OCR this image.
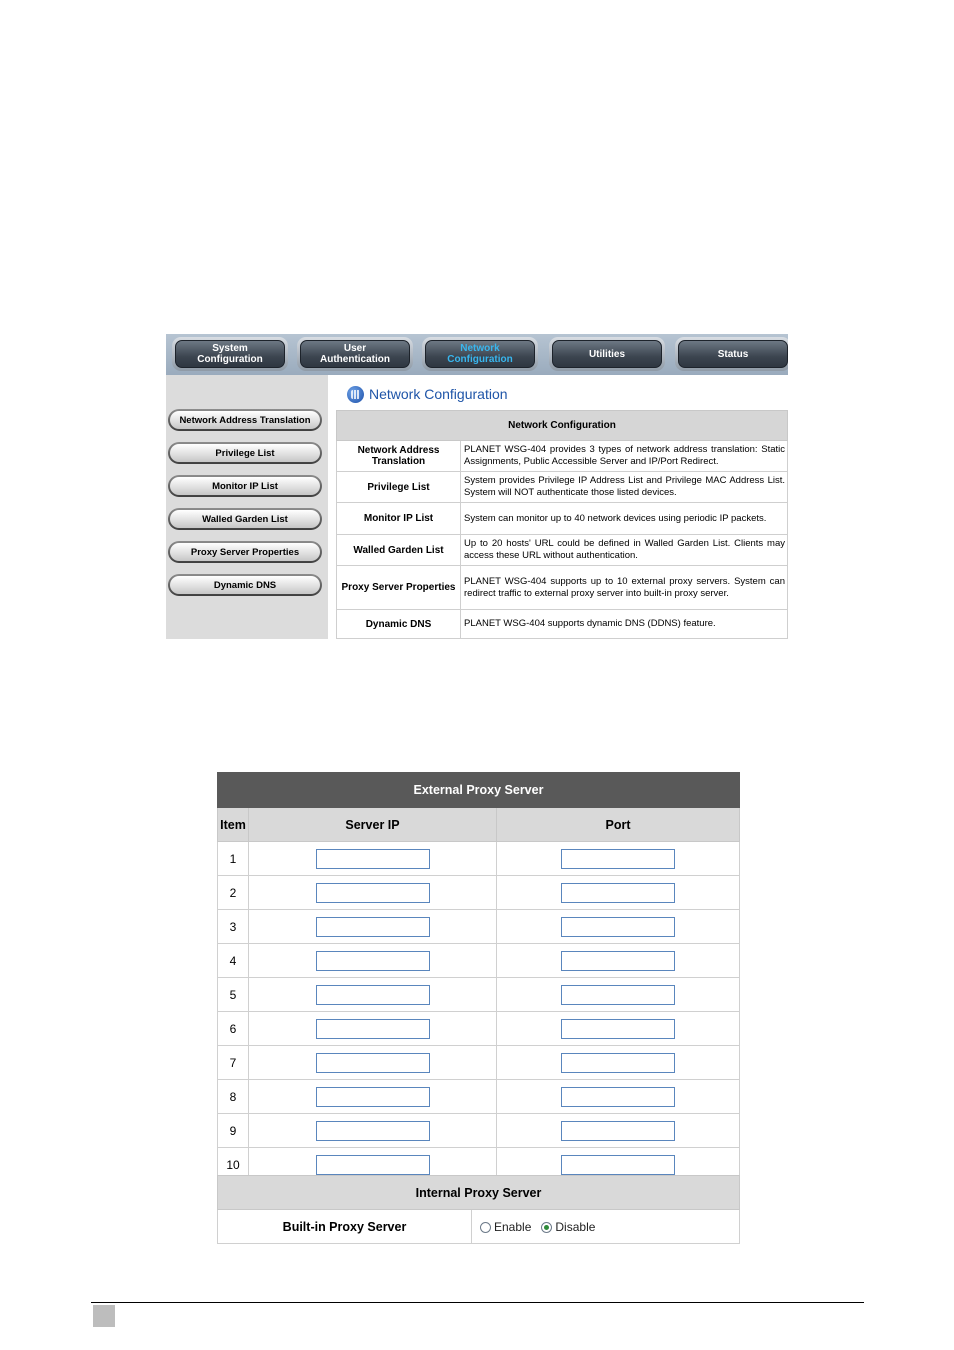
System
Configuration
User
Authentication
Network
Configuration	Utilities	Status
Network Address Translation
Privilege List
Monitor IP List
Walled Garden List
Proxy Server Properties
Dynamic DNS
Network Configuration
Network Configuration	
Network Address Translation	PLANET WSG-404 provides 3 types of network address translation: Static Assignments, Public Accessible Server and IP/Port Redirect.
Privilege List	System provides Privilege IP Address List and Privilege MAC Address List. System will NOT authenticate those listed devices.
Monitor IP List	System can monitor up to 40 network devices using periodic IP packets.
Walled Garden List	Up to 20 hosts' URL could be defined in Walled Garden List. Clients may access these URL without authentication.
Proxy Server Properties	PLANET WSG-404 supports up to 10 external proxy servers. System can redirect traffic to external proxy server into built-in proxy server.
Dynamic DNS	PLANET WSG-404 supports dynamic DNS (DDNS) feature.
External Proxy Server		
Item	Server IP	Port
1		
2		
3		
4		
5		
6		
7		
8		
9		
10		
Internal Proxy Server
Built-in Proxy Server	Enable Disable
